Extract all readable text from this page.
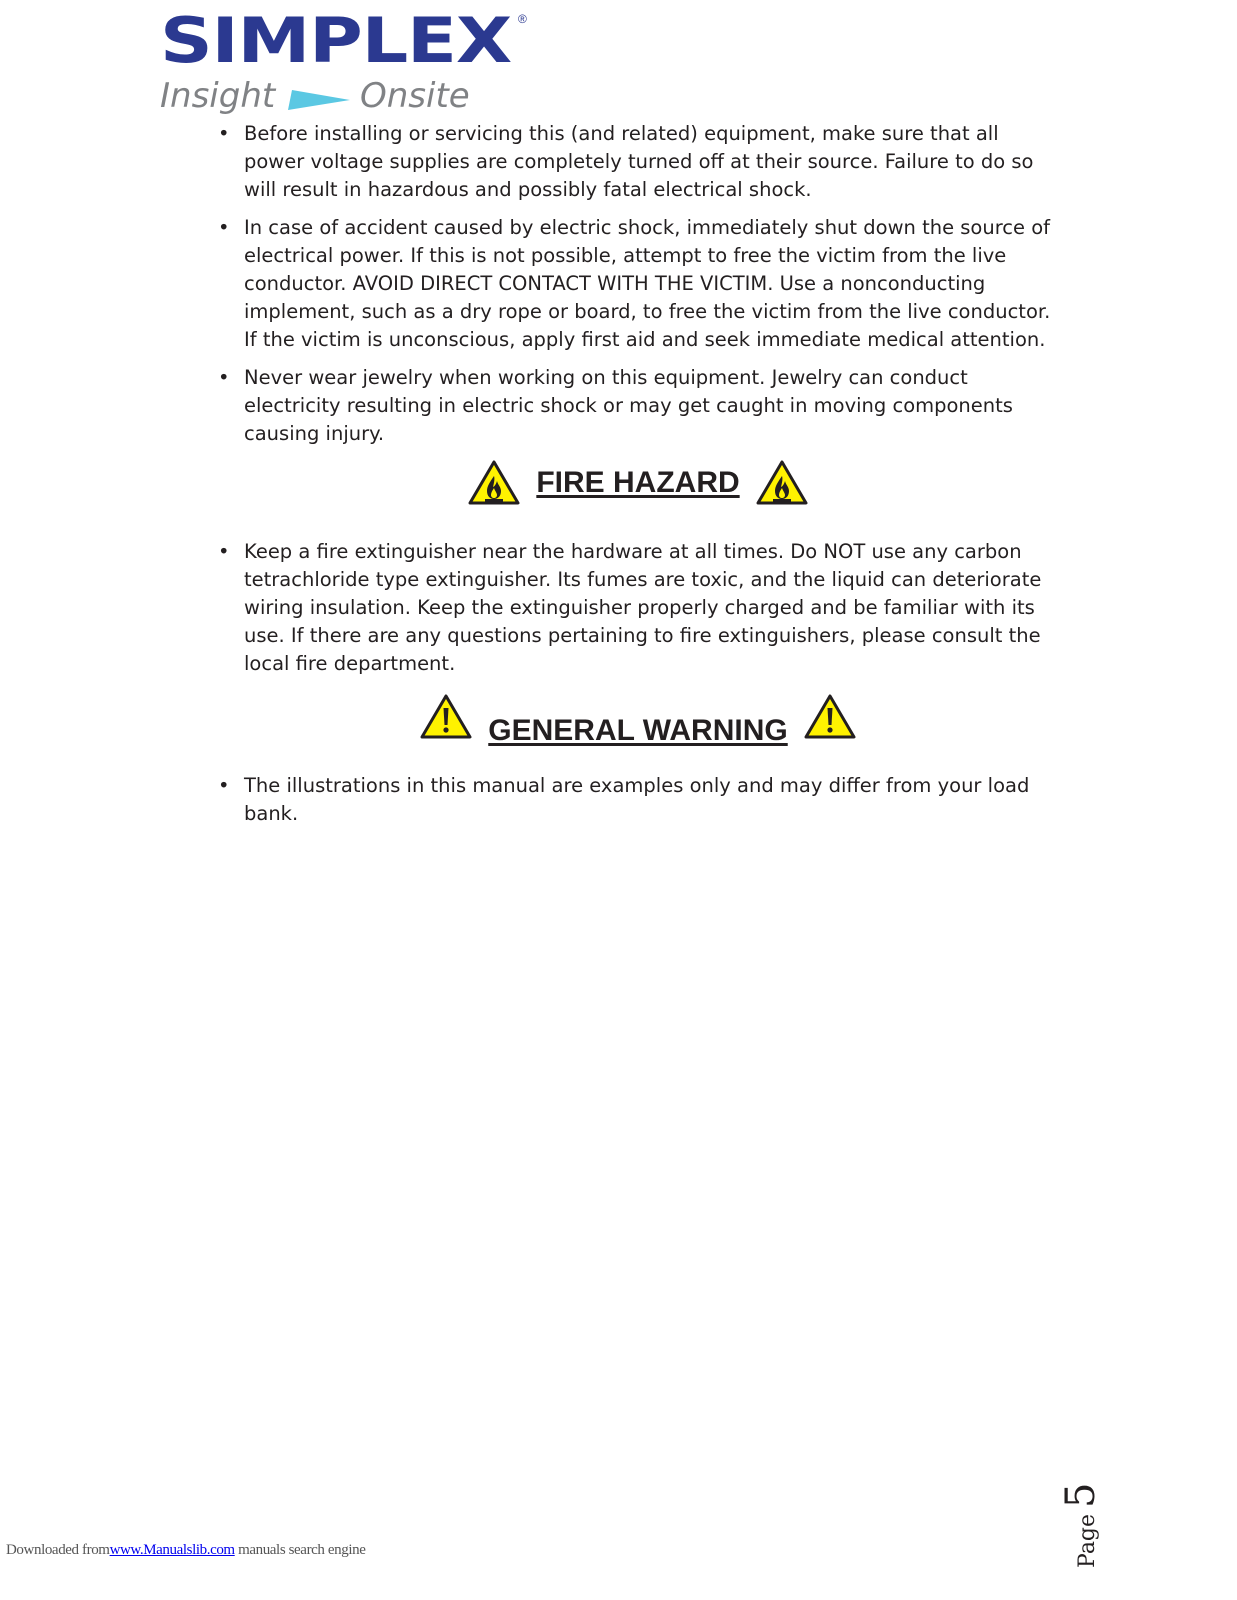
SIMPLEX ®
Insight Onsite
• Before installing or servicing this (and related) equipment, make sure that all power voltage supplies are completely turned off at their source. Failure to do so will result in hazardous and possibly fatal electrical shock.
• In case of accident caused by electric shock, immediately shut down the source of electrical power. If this is not possible, attempt to free the victim from the live conductor. AVOID DIRECT CONTACT WITH THE VICTIM. Use a nonconducting implement, such as a dry rope or board, to free the victim from the live conductor. If the victim is unconscious, apply first aid and seek immediate medical attention.
• Never wear jewelry when working on this equipment. Jewelry can conduct electricity resulting in electric shock or may get caught in moving components causing injury.
FIRE HAZARD
• Keep a fire extinguisher near the hardware at all times. Do NOT use any carbon tetrachloride type extinguisher. Its fumes are toxic, and the liquid can deteriorate wiring insulation. Keep the extinguisher properly charged and be familiar with its use. If there are any questions pertaining to fire extinguishers, please consult the local fire department.
GENERAL WARNING
• The illustrations in this manual are examples only and may differ from your load bank.
Page5
Downloaded fromwww.Manualslib.com manuals search engine
